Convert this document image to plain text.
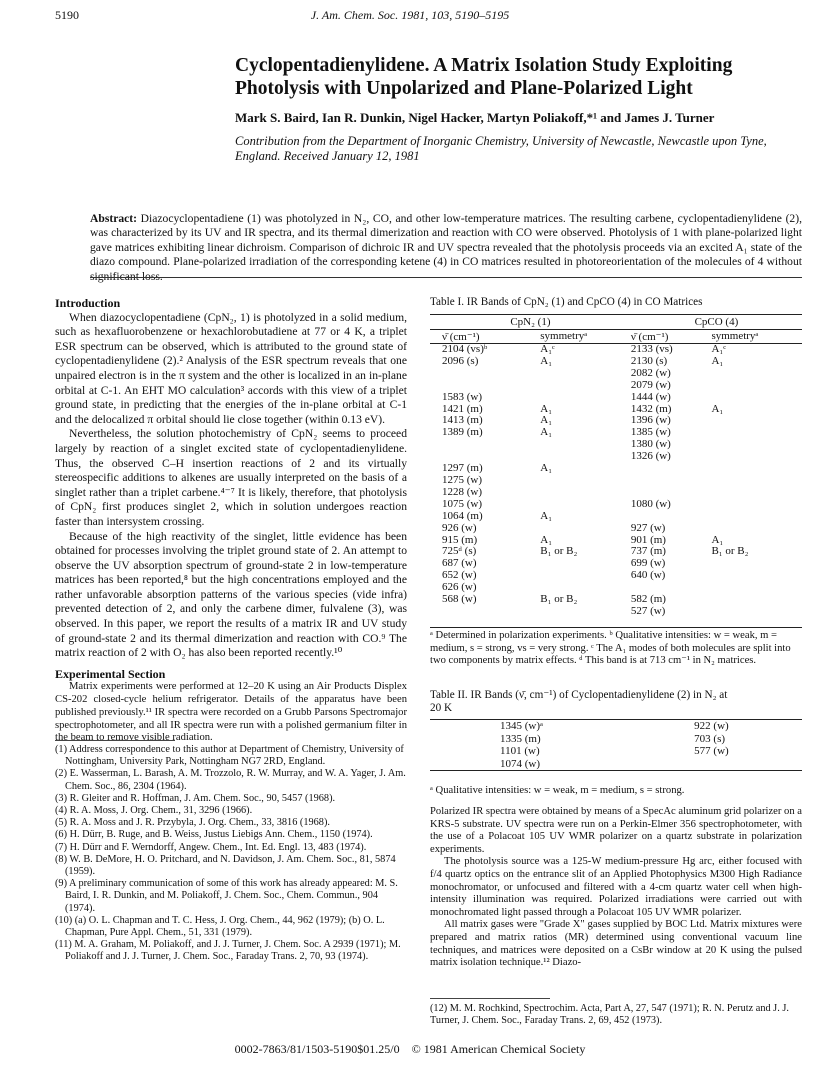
5190	J. Am. Chem. Soc. 1981, 103, 5190–5195
Cyclopentadienylidene. A Matrix Isolation Study Exploiting Photolysis with Unpolarized and Plane-Polarized Light
Mark S. Baird, Ian R. Dunkin, Nigel Hacker, Martyn Poliakoff,*¹ and James J. Turner
Contribution from the Department of Inorganic Chemistry, University of Newcastle, Newcastle upon Tyne, England. Received January 12, 1981
Abstract: Diazocyclopentadiene (1) was photolyzed in N₂, CO, and other low-temperature matrices. The resulting carbene, cyclopentadienylidene (2), was characterized by its UV and IR spectra, and its thermal dimerization and reaction with CO were observed. Photolysis of 1 with plane-polarized light gave matrices exhibiting linear dichroism. Comparison of dichroic IR and UV spectra revealed that the photolysis proceeds via an excited A₁ state of the diazo compound. Plane-polarized irradiation of the corresponding ketene (4) in CO matrices resulted in photoreorientation of the molecules of 4 without significant loss.
Introduction

When diazocyclopentadiene (CpN₂, 1) is photolyzed in a solid medium, such as hexafluorobenzene or hexachlorobutadiene at 77 or 4 K, a triplet ESR spectrum can be observed, which is attributed to the ground state of cyclopentadienylidene (2).² Analysis of the ESR spectrum reveals that one unpaired electron is in the π system and the other is localized in an in-plane orbital at C-1. An EHT MO calculation³ accords with this view of a triplet ground state, in predicting that the energies of the in-plane orbital at C-1 and the delocalized π orbital should lie close together (within 0.13 eV).

Nevertheless, the solution photochemistry of CpN₂ seems to proceed largely by reaction of a singlet excited state of cyclopentadienylidene. Thus, the observed C–H insertion reactions of 2 and its virtually stereospecific additions to alkenes are usually interpreted on the basis of a singlet rather than a triplet carbene.⁴⁻⁷ It is likely, therefore, that photolysis of CpN₂ first produces singlet 2, which in solution undergoes reaction faster than intersystem crossing.

Because of the high reactivity of the singlet, little evidence has been obtained for processes involving the triplet ground state of 2. An attempt to observe the UV absorption spectrum of ground-state 2 in low-temperature matrices has been reported,⁸ but the high concentrations employed and the rather unfavorable absorption patterns of the various species (vide infra) prevented detection of 2, and only the carbene dimer, fulvalene (3), was observed. In this paper, we report the results of a matrix IR and UV study of ground-state 2 and its thermal dimerization and reaction with CO.⁹ The matrix reaction of 2 with O₂ has also been reported recently.¹⁰

Experimental Section

Matrix experiments were performed at 12–20 K using an Air Products Displex CS-202 closed-cycle helium refrigerator. Details of the apparatus have been published previously.¹¹ IR spectra were recorded on a Grubb Parsons Spectromajor spectrophotometer, and all IR spectra were run with a polished germanium filter in the beam to remove visible radiation.

(1) Address correspondence to this author at Department of Chemistry, University of Nottingham, University Park, Nottingham NG7 2RD, England.

(2) E. Wasserman, L. Barash, A. M. Trozzolo, R. W. Murray, and W. A. Yager, J. Am. Chem. Soc., 86, 2304 (1964).

(3) R. Gleiter and R. Hoffman, J. Am. Chem. Soc., 90, 5457 (1968).

(4) R. A. Moss, J. Org. Chem., 31, 3296 (1966).

(5) R. A. Moss and J. R. Przybyla, J. Org. Chem., 33, 3816 (1968).

(6) H. Dürr, B. Ruge, and B. Weiss, Justus Liebigs Ann. Chem., 1150 (1974).

(7) H. Dürr and F. Werndorff, Angew. Chem., Int. Ed. Engl. 13, 483 (1974).

(8) W. B. DeMore, H. O. Pritchard, and N. Davidson, J. Am. Chem. Soc., 81, 5874 (1959).

(9) A preliminary communication of some of this work has already appeared: M. S. Baird, I. R. Dunkin, and M. Poliakoff, J. Chem. Soc., Chem. Commun., 904 (1974).

(10) (a) O. L. Chapman and T. C. Hess, J. Org. Chem., 44, 962 (1979); (b) O. L. Chapman, Pure Appl. Chem., 51, 331 (1979).

(11) M. A. Graham, M. Poliakoff, and J. J. Turner, J. Chem. Soc. A 2939 (1971); M. Poliakoff and J. J. Turner, J. Chem. Soc., Faraday Trans. 2, 70, 93 (1974).

Table I. IR Bands of CpN₂ (1) and CpCO (4) in CO Matrices
CpN₂ (1)		CpCO (4)	
ν̄ (cm⁻¹)	symmetryᵃ	ν̄ (cm⁻¹)	symmetryᵃ
2104 (vs)ᵇ	A₁ᶜ	2133 (vs)	A₁ᶜ
2096 (s)	A₁	2130 (s)	A₁
		2082 (w)	
		2079 (w)	
1583 (w)		1444 (w)	
1421 (m)	A₁	1432 (m)	A₁
1413 (m)	A₁	1396 (w)	
1389 (m)	A₁	1385 (w)	
		1380 (w)	
		1326 (w)	
1297 (m)	A₁		
1275 (w)			
1228 (w)			
1075 (w)		1080 (w)	
1064 (m)	A₁		
926 (w)		927 (w)	
915 (m)	A₁	901 (m)	A₁
725ᵈ (s)	B₁ or B₂	737 (m)	B₁ or B₂
687 (w)		699 (w)	
652 (w)		640 (w)	
626 (w)			
568 (w)	B₁ or B₂	582 (m)	
		527 (w)	
ᵃ Determined in polarization experiments. ᵇ Qualitative intensities: w = weak, m = medium, s = strong, vs = very strong. ᶜ The A₁ modes of both molecules are split into two components by matrix effects. ᵈ This band is at 713 cm⁻¹ in N₂ matrices.
Table II. IR Bands (ν̄, cm⁻¹) of Cyclopentadienylidene (2) in N₂ at 20 K
1345 (w)ᵃ	922 (w)
1335 (m)	703 (s)
1101 (w)	577 (w)
1074 (w)	
ᵃ Qualitative intensities: w = weak, m = medium, s = strong.

Polarized IR spectra were obtained by means of a SpecAc aluminum grid polarizer on a KRS-5 substrate. UV spectra were run on a Perkin-Elmer 356 spectrophotometer, with the use of a Polacoat 105 UV WMR polarizer on a quartz substrate in polarization experiments.

The photolysis source was a 125-W medium-pressure Hg arc, either focused with f/4 quartz optics on the entrance slit of an Applied Photophysics M300 High Radiance monochromator, or unfocused and filtered with a 4-cm quartz water cell when high-intensity illumination was required. Polarized irradiations were carried out with monochromated light passed through a Polacoat 105 UV WMR polarizer.

All matrix gases were "Grade X" gases supplied by BOC Ltd. Matrix mixtures were prepared and matrix ratios (MR) determined using conventional vacuum line techniques, and matrices were deposited on a CsBr window at 20 K using the pulsed matrix isolation technique.¹² Diazo-

(12) M. M. Rochkind, Spectrochim. Acta, Part A, 27, 547 (1971); R. N. Perutz and J. J. Turner, J. Chem. Soc., Faraday Trans. 2, 69, 452 (1973).
0002-7863/81/1503-5190$01.25/0 © 1981 American Chemical Society
